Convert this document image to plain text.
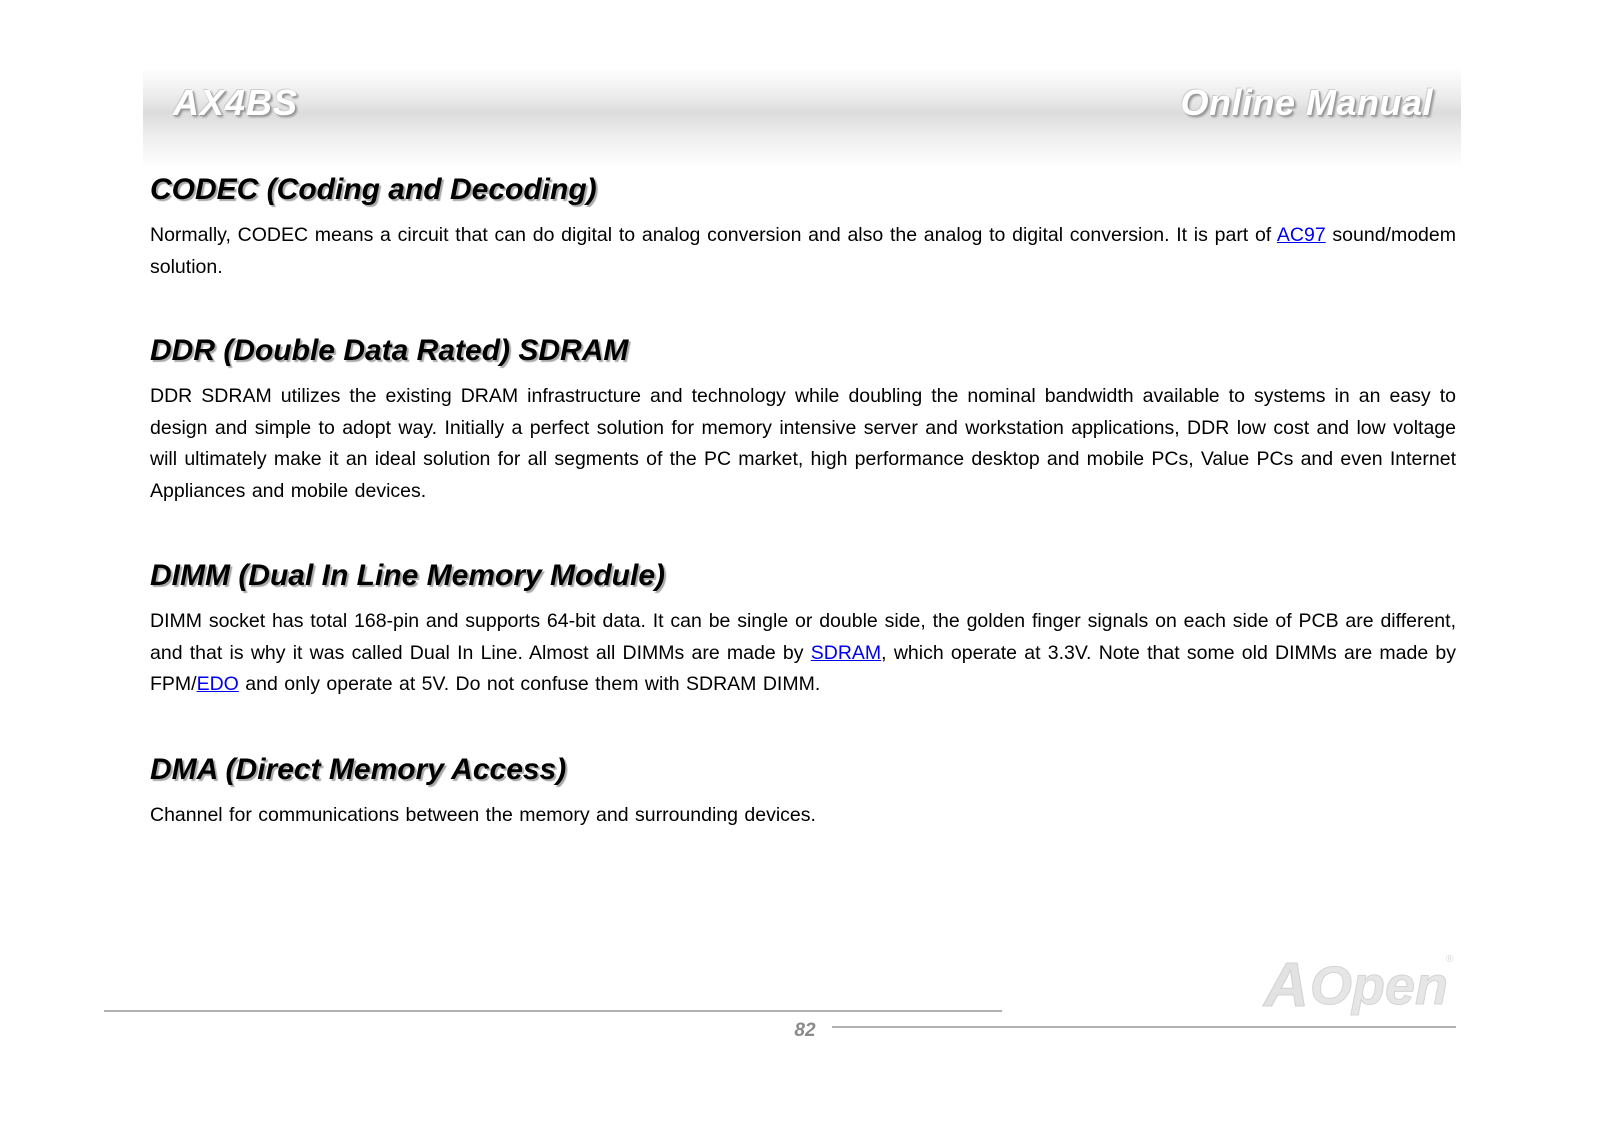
AX4BS	Online Manual
CODEC (Coding and Decoding)

Normally, CODEC means a circuit that can do digital to analog conversion and also the analog to digital conversion. It is part of AC97 sound/modem solution.

DDR (Double Data Rated) SDRAM

DDR SDRAM utilizes the existing DRAM infrastructure and technology while doubling the nominal bandwidth available to systems in an easy to design and simple to adopt way. Initially a perfect solution for memory intensive server and workstation applications, DDR low cost and low voltage will ultimately make it an ideal solution for all segments of the PC market, high performance desktop and mobile PCs, Value PCs and even Internet Appliances and mobile devices.

DIMM (Dual In Line Memory Module)

DIMM socket has total 168-pin and supports 64-bit data. It can be single or double side, the golden finger signals on each side of PCB are different, and that is why it was called Dual In Line. Almost all DIMMs are made by SDRAM, which operate at 3.3V. Note that some old DIMMs are made by FPM/EDO and only operate at 5V. Do not confuse them with SDRAM DIMM.

DMA (Direct Memory Access)

Channel for communications between the memory and surrounding devices.

82
A Open
®
